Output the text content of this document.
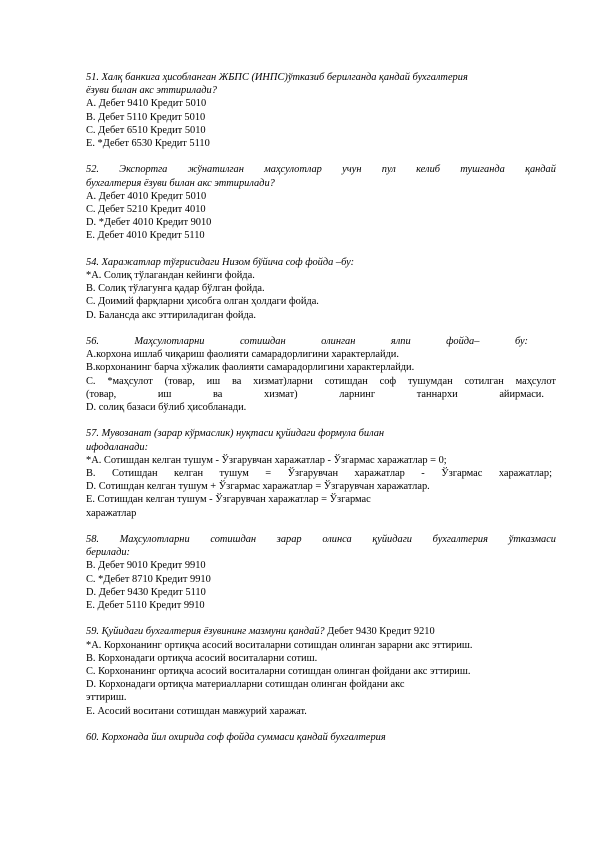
51. Халқ банкига ҳисобланган ЖБПС (ИНПС)ўтказиб берилганда қандай бухгалтерия
ёзуви билан акс эттирилади?
А. Дебет 9410 Кредит 5010
В. Дебет 5110 Кредит 5010
С. Дебет 6510 Кредит 5010
Е. *Дебет 6530 Кредит 5110
52. Экспортга жўнатилган маҳсулотлар учун пул келиб тушганда қандай
бухгалтерия ёзуви билан акс эттирилади?
А. Дебет 4010 Кредит 5010
С. Дебет 5210 Кредит 4010
D. *Дебет 4010 Кредит 9010
Е. Дебет 4010 Кредит 5110
54. Харажатлар тўғрисидаги Низом бўйича соф фойда –бу:
*А. Солиқ тўлагандан кейинги фойда.
В. Солиқ тўлагунга қадар бўлган фойда.
С. Доимий фарқларни ҳисобга олган ҳолдаги фойда.
D. Балансда акс эттириладиган фойда.
56.	Маҳсулотларни	сотишдан	олинган	ялпи	фойда–	бу:
А.корхона ишлаб чиқариш фаолияти самарадорлигини характерлайди.
В.корхонанинг барча хўжалик фаолияти самарадорлигини характерлайди.
С. *маҳсулот (товар, иш ва хизмат)ларни сотишдан соф тушумдан сотилган маҳсулот
(товар,	иш	ва	хизмат)	ларнинг	таннархи	айирмаси.
D. солиқ базаси бўлиб ҳисобланади.
57. Мувозанат (зарар кўрмаслик) нуқтаси қуйидаги формула билан
ифодаланади:
*А. Сотишдан келган тушум - Ўзгарувчан харажатлар - Ўзгармас харажатлар = 0;
В. Сотишдан келган тушум = Ўзгарувчан харажатлар - Ўзгармас харажатлар;
D. Сотишдан келган тушум + Ўзгармас харажатлар = Ўзгарувчан харажатлар.
Е. Сотишдан келган тушум - Ўзгарувчан харажатлар = Ўзгармас
харажатлар
58. Маҳсулотларни сотишдан зарар олинса қуйидаги бухгалтерия ўтказмаси
берилади:
В. Дебет 9010 Кредит 9910
С. *Дебет 8710 Кредит 9910
D. Дебет 9430 Кредит 5110
Е. Дебет 5110 Кредит 9910
59. Қуйидаги бухгалтерия ёзувининг мазмуни қандай? Дебет 9430 Кредит 9210
*А. Корхонанинг ортиқча асосий воситаларни сотишдан олинган зарарни акс эттириш.
В. Корхонадаги ортиқча асосий воситаларни сотиш.
С. Корхонанинг ортиқча асосий воситаларни сотишдан олинган фойдани акс эттириш.
D. Корхонадаги ортиқча материалларни сотишдан олинган фойдани акс
эттириш.
Е. Асосий воситани сотишдан мавжурий харажат.
60. Корхонада йил охирида соф фойда суммаси қандай бухгалтерия
